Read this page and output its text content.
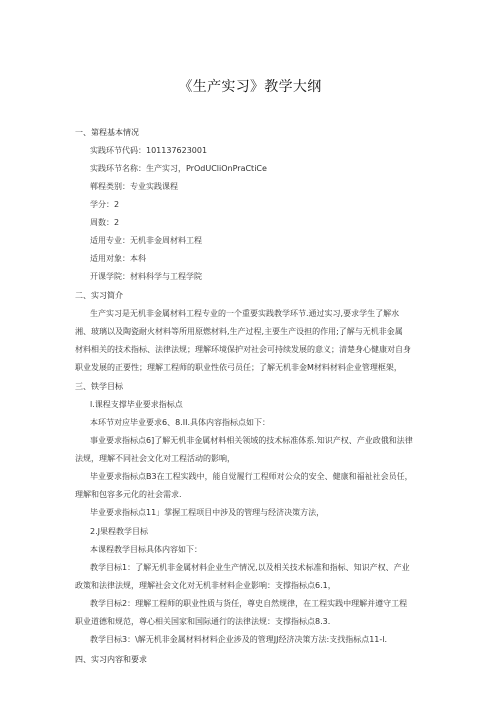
《生产实习》教学大纲
一、第程基本情况
实践环节代码：101137623001
实践环节名称：生产实习，PrOdUCliOnPraCtiCe
郸程类别：专业实践课程
学分：2
周数：2
适用专业：无机非金周材料工程
适用对象：本科
开课学院：材料科学与工程学院
二、实习简介
生产实习是无机非金属材料工程专业的一个重要实践教学环节.通过实习,要求学生了解水
湘、玻璃以及陶瓷耐火材料等所用原燃材料,生产过程,主要生产设担的作用;了解与无机非金属
材料相关的技术指标、法律法规；理解环境保护对社会可持续发展的意义；清楚身心健康对自身
职业发展的正要性；理解工程师的职业性依弓员任；了解无机非金M材料材料企业管理框架，
三、铁学目标
l.课程支撑毕业要求指标点
本环节对应毕业要求6、8.II.具体内容指标点如下：
事业要求指标点6]了解无机非金属材料相关领域的技术标准体系.知识产权、产业政俄和法律
法规，理解不同社会文化对工程活动的影响，
毕业要求指标点B3在工程实践中，能自觉履行工程师对公众的安全、健康和福祉社会员任，
理解和包容多元化的社会需求.
毕业要求指标点11」掌握工程项目中涉及的管理与经济决策方法，
2.J果程教学目标
本课程教学目标具体内容如下：
教学目标1：了解无机非金属材料企业生产情况,以及相关技术标准和指标、知识产权、产业
政策和法律法规，理解社会文化对无机非材料企业影响：支撑指标点6.1，
教学目标2：理解工程师的职业性质与货任，尊史自然规律，在工程实践中理解并遵守工程
职业道德和规范，尊心相关国家和国际通行的法律法规：支撑指标点8.3.
教学目标3：\解无机非金属材料材料企业涉及的管理JJ经济决策方法:支找指标点11-l.
四、实习内容和要求
